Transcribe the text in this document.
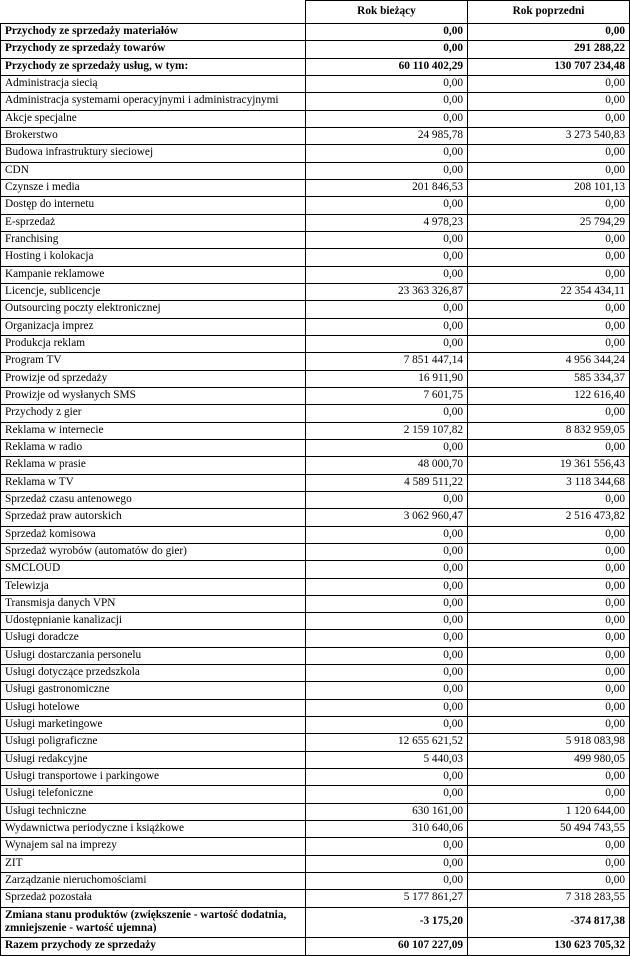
	Rok bieżący	Rok poprzedni
Przychody ze sprzedaży materiałów	0,00	0,00
Przychody ze sprzedaży towarów	0,00	291 288,22
Przychody ze sprzedaży usług, w tym:	60 110 402,29	130 707 234,48
Administracja siecią	0,00	0,00
Administracja systemami operacyjnymi i administracyjnymi	0,00	0,00
Akcje specjalne	0,00	0,00
Brokerstwo	24 985,78	3 273 540,83
Budowa infrastruktury sieciowej	0,00	0,00
CDN	0,00	0,00
Czynsze i media	201 846,53	208 101,13
Dostęp do internetu	0,00	0,00
E-sprzedaż	4 978,23	25 794,29
Franchising	0,00	0,00
Hosting i kolokacja	0,00	0,00
Kampanie reklamowe	0,00	0,00
Licencje, sublicencje	23 363 326,87	22 354 434,11
Outsourcing poczty elektronicznej	0,00	0,00
Organizacja imprez	0,00	0,00
Produkcja reklam	0,00	0,00
Program TV	7 851 447,14	4 956 344,24
Prowizje od sprzedaży	16 911,90	585 334,37
Prowizje od wysłanych SMS	7 601,75	122 616,40
Przychody z gier	0,00	0,00
Reklama w internecie	2 159 107,82	8 832 959,05
Reklama w radio	0,00	0,00
Reklama w prasie	48 000,70	19 361 556,43
Reklama w TV	4 589 511,22	3 118 344,68
Sprzedaż czasu antenowego	0,00	0,00
Sprzedaż praw autorskich	3 062 960,47	2 516 473,82
Sprzedaż komisowa	0,00	0,00
Sprzedaż wyrobów (automatów do gier)	0,00	0,00
SMCLOUD	0,00	0,00
Telewizja	0,00	0,00
Transmisja danych VPN	0,00	0,00
Udostępnianie kanalizacji	0,00	0,00
Usługi doradcze	0,00	0,00
Usługi dostarczania personelu	0,00	0,00
Usługi dotyczące przedszkola	0,00	0,00
Usługi gastronomiczne	0,00	0,00
Usługi hotelowe	0,00	0,00
Usługi marketingowe	0,00	0,00
Usługi poligraficzne	12 655 621,52	5 918 083,98
Usługi redakcyjne	5 440,03	499 980,05
Usługi transportowe i parkingowe	0,00	0,00
Usługi telefoniczne	0,00	0,00
Usługi techniczne	630 161,00	1 120 644,00
Wydawnictwa periodyczne i książkowe	310 640,06	50 494 743,55
Wynajem sal na imprezy	0,00	0,00
ZIT	0,00	0,00
Zarządzanie nieruchomościami	0,00	0,00
Sprzedaż pozostała	5 177 861,27	7 318 283,55
Zmiana stanu produktów (zwiększenie - wartość dodatnia, zmniejszenie - wartość ujemna)	-3 175,20	-374 817,38
Razem przychody ze sprzedaży	60 107 227,09	130 623 705,32
